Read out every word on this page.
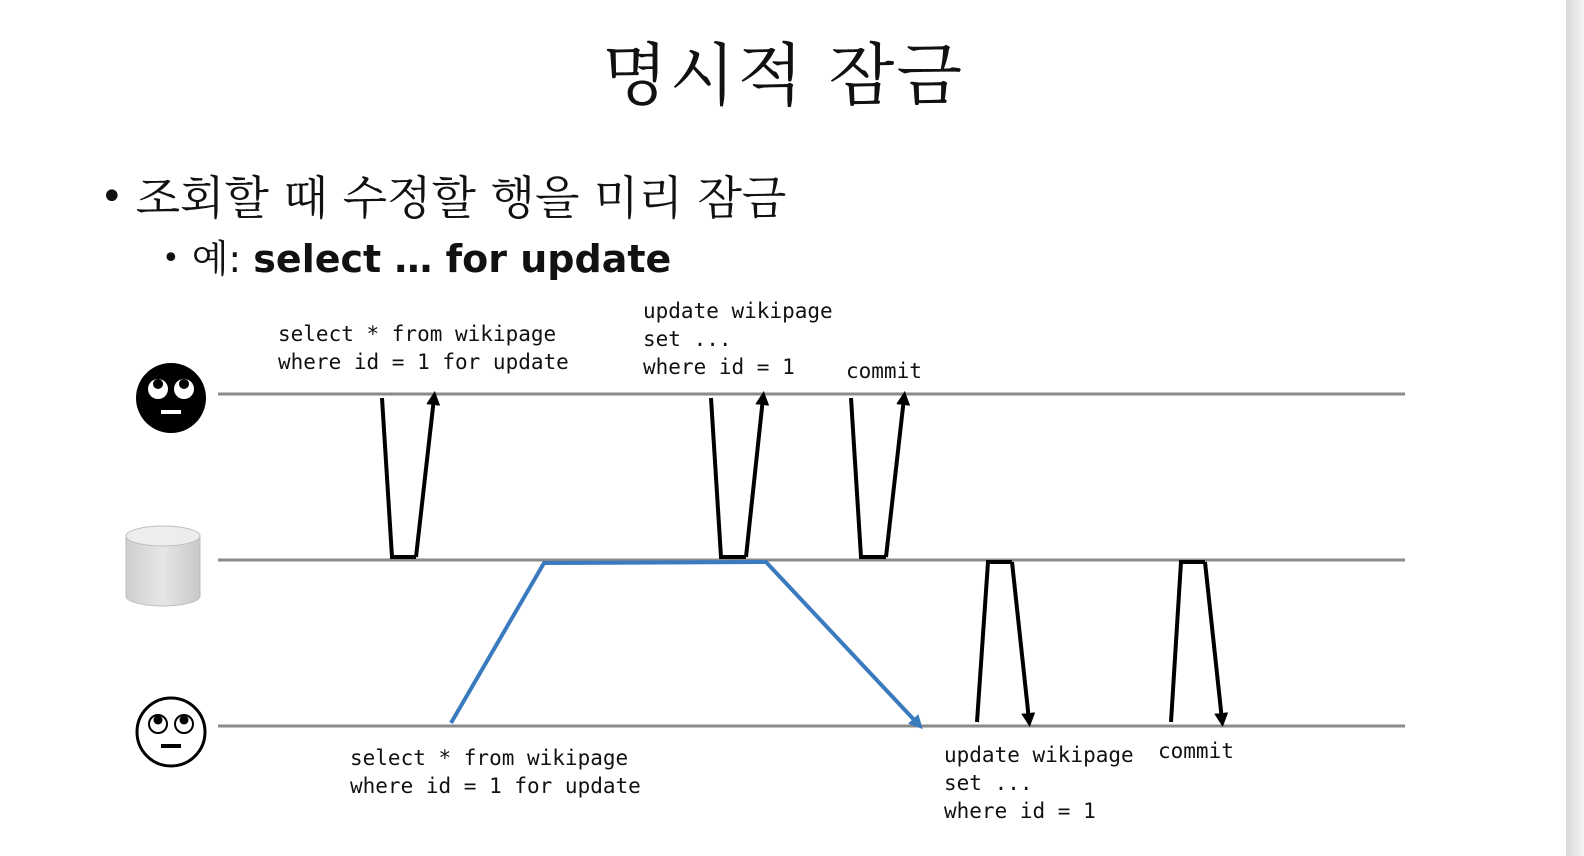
명시적 잠금
• 조회할 때 수정할 행을 미리 잠금
• 예: select … for update
select * from wikipage
where id = 1 for update
update wikipage
set ...
where id = 1 commit
select * from wikipage
where id = 1 for update
update wikipage
set ...
where id = 1
commit
